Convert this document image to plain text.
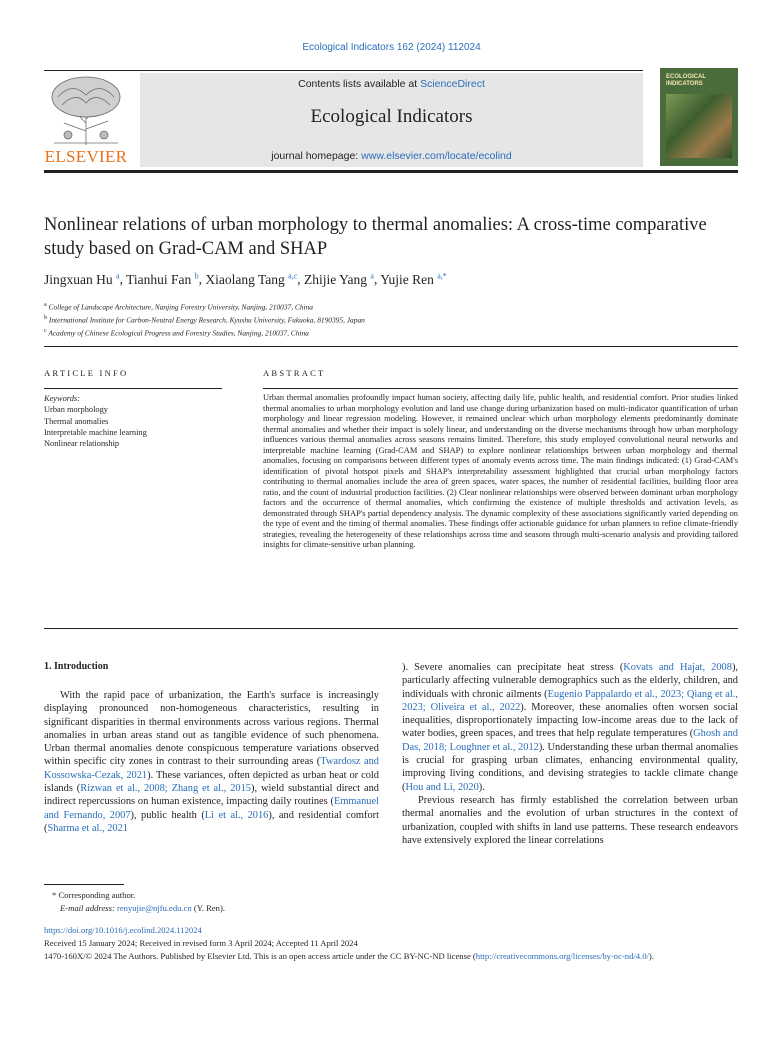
Ecological Indicators 162 (2024) 112024
ELSEVIER
Contents lists available at ScienceDirect
Ecological Indicators
journal homepage: www.elsevier.com/locate/ecolind
ECOLOGICAL INDICATORS
Nonlinear relations of urban morphology to thermal anomalies: A cross-time comparative study based on Grad-CAM and SHAP
Jingxuan Hu $^a$, Tianhui Fan $^b$, Xiaolang Tang $^{a,c}$, Zhijie Yang $^a$, Yujie Ren $^{a,*}$
$^a$ College of Landscape Architecture, Nanjing Forestry University, Nanjing, 210037, China
$^b$ International Institute for Carbon-Neutral Energy Research, Kyushu University, Fukuoka, 8190395, Japan
$^c$ Academy of Chinese Ecological Progress and Forestry Studies, Nanjing, 210037, China
ARTICLE INFO
Keywords:
Urban morphology
Thermal anomalies
Interpretable machine learning
Nonlinear relationship
ABSTRACT
Urban thermal anomalies profoundly impact human society, affecting daily life, public health, and residential comfort. Prior studies linked thermal anomalies to urban morphology evolution and land use change during urbanization based on multi-indicator quantification of urban morphology and linear regression modeling. However, it remained unclear which urban morphology elements predominantly dominate thermal anomalies and whether their impact is solely linear, and understanding on the diverse mechanisms through how urban morphology influences various thermal anomalies across seasons remains limited. Therefore, this study employed convolutional neural networks and interpretable machine learning (Grad-CAM and SHAP) to explore nonlinear relationships between urban morphology and thermal anomalies, focusing on comparisons between different types of anomaly events across time. The main findings indicated: (1) Grad-CAM's identification of pivotal hotspot pixels and SHAP's interpretability assessment highlighted that crucial urban morphology factors contributing to thermal anomalies include the area of green spaces, water spaces, the number of residential facilities, building floor area ratio, and the count of industrial production facilities. (2) Clear nonlinear relationships were observed between dominant urban morphology factors and the occurrence of thermal anomalies, which confirming the existence of multiple thresholds and activation levels, as demonstrated through SHAP's partial dependency analysis. The dynamic complexity of these associations significantly varied depending on the type of event and the timing of thermal anomalies. These findings offer actionable guidance for urban planners to refine climate-friendly strategies, revealing the heterogeneity of these relationships across time and seasons through multi-scenario analysis and providing tailored insights for climate-sensitive urban planning.
1. Introduction

With the rapid pace of urbanization, the Earth's surface is increasingly displaying pronounced non-homogeneous characteristics, resulting in significant disparities in thermal environments across various regions. Thermal anomalies in urban areas stand out as tangible evidence of such phenomena. Urban thermal anomalies denote conspicuous temperature variations observed within specific city zones in contrast to their surrounding areas (Twardosz and Kossowska-Cezak, 2021). These variances, often depicted as urban heat or cold islands (Rizwan et al., 2008; Zhang et al., 2015), wield substantial direct and indirect repercussions on human existence, impacting daily routines (Emmanuel and Fernando, 2007), public health (Li et al., 2016), and residential comfort (Sharma et al., 2021

). Severe anomalies can precipitate heat stress (Kovats and Hajat, 2008), particularly affecting vulnerable demographics such as the elderly, children, and individuals with chronic ailments (Eugenio Pappalardo et al., 2023; Qiang et al., 2023; Oliveira et al., 2022). Moreover, these anomalies often worsen social inequalities, disproportionately impacting low-income areas due to the lack of water bodies, green spaces, and trees that help regulate temperatures (Ghosh and Das, 2018; Loughner et al., 2012). Understanding these urban thermal anomalies is crucial for grasping urban climates, enhancing environmental quality, improving living conditions, and devising strategies to tackle climate change (Hou and Li, 2020).

Previous research has firmly established the correlation between urban thermal anomalies and the evolution of urban structures in the context of urbanization, coupled with shifts in land use patterns. These research endeavors have extensively explored the linear correlations

* Corresponding author.
E-mail address: renyujie@njfu.edu.cn (Y. Ren).
https://doi.org/10.1016/j.ecolind.2024.112024
Received 15 January 2024; Received in revised form 3 April 2024; Accepted 11 April 2024
1470-160X/© 2024 The Authors. Published by Elsevier Ltd. This is an open access article under the CC BY-NC-ND license (http://creativecommons.org/licenses/by-nc-nd/4.0/).
